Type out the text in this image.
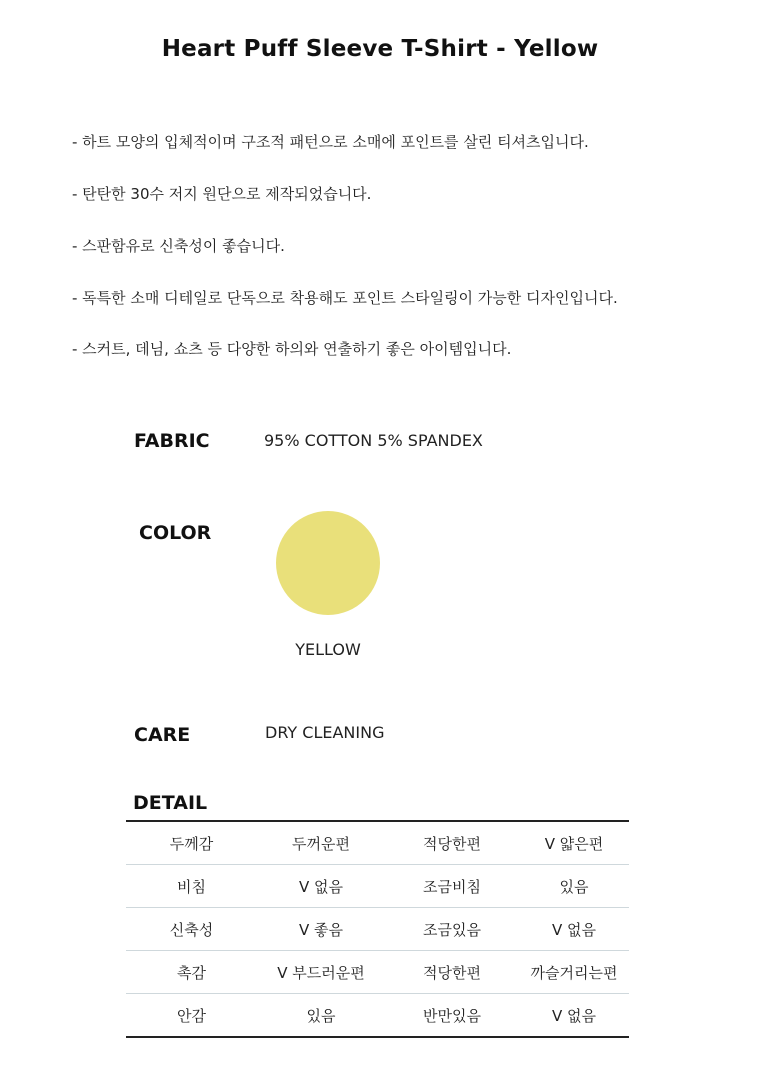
Heart Puff Sleeve T-Shirt - Yellow
- 하트 모양의 입체적이며 구조적 패턴으로 소매에 포인트를 살린 티셔츠입니다.
- 탄탄한 30수 저지 원단으로 제작되었습니다.
- 스판함유로 신축성이 좋습니다.
- 독특한 소매 디테일로 단독으로 착용해도 포인트 스타일링이 가능한 디자인입니다.
- 스커트, 데님, 쇼츠 등 다양한 하의와 연출하기 좋은 아이템입니다.
FABRIC	95% COTTON 5% SPANDEX
COLOR
YELLOW
CARE	DRY CLEANING
DETAIL
두께감	두꺼운편	적당한편	V 얇은편
비침	V 없음	조금비침	있음
신축성	V 좋음	조금있음	V 없음
촉감	V 부드러운편	적당한편	까슬거리는편
안감	있음	반만있음	V 없음
